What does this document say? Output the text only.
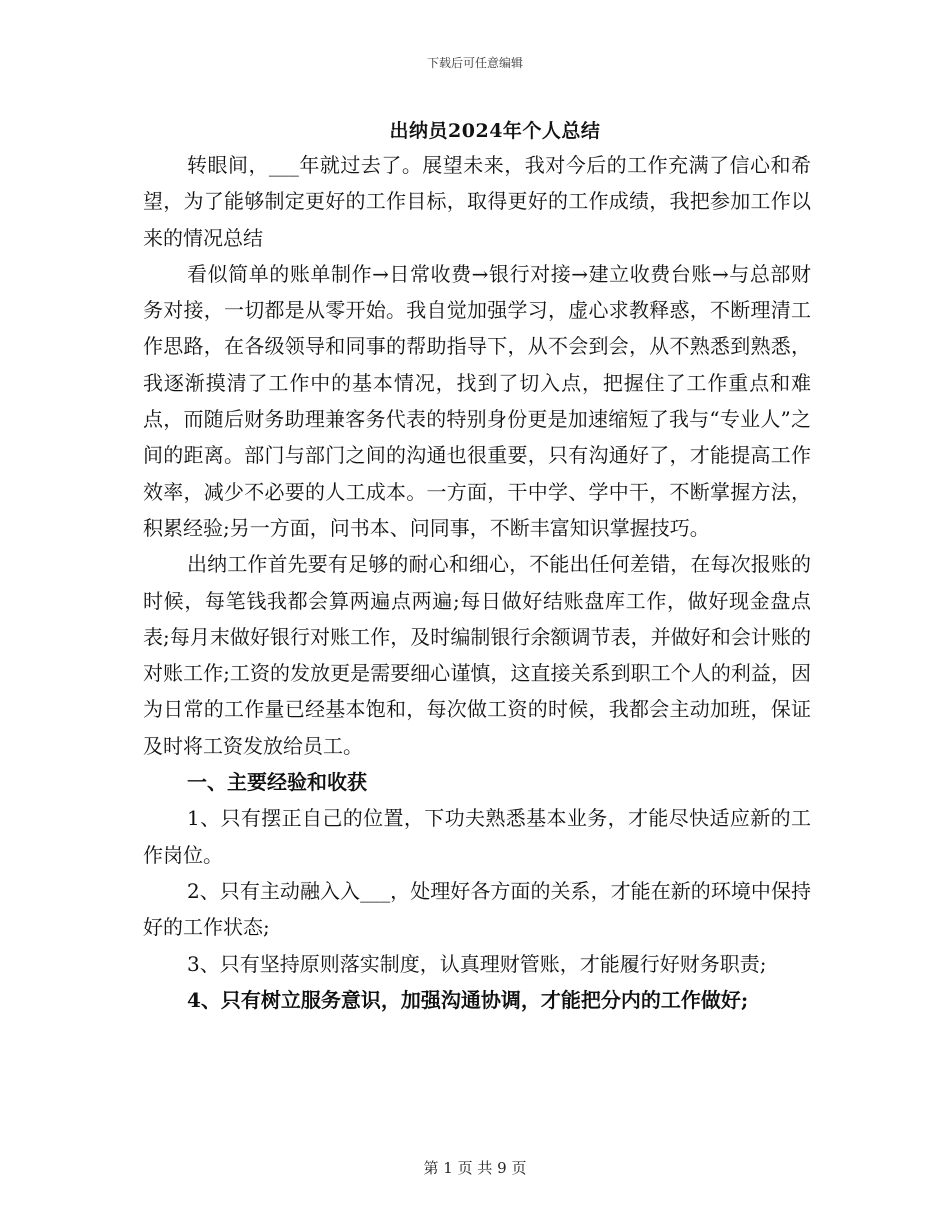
下载后可任意编辑
出纳员2024年个人总结

转眼间，___年就过去了。展望未来，我对今后的工作充满了信心和希望，为了能够制定更好的工作目标，取得更好的工作成绩，我把参加工作以来的情况总结

看似简单的账单制作→日常收费→银行对接→建立收费台账→与总部财务对接，一切都是从零开始。我自觉加强学习，虚心求教释惑，不断理清工作思路，在各级领导和同事的帮助指导下，从不会到会，从不熟悉到熟悉，我逐渐摸清了工作中的基本情况，找到了切入点，把握住了工作重点和难点，而随后财务助理兼客务代表的特别身份更是加速缩短了我与“专业人”之间的距离。部门与部门之间的沟通也很重要，只有沟通好了，才能提高工作效率，减少不必要的人工成本。一方面，干中学、学中干，不断掌握方法，积累经验;另一方面，问书本、问同事，不断丰富知识掌握技巧。

出纳工作首先要有足够的耐心和细心，不能出任何差错，在每次报账的时候，每笔钱我都会算两遍点两遍;每日做好结账盘库工作，做好现金盘点表;每月末做好银行对账工作，及时编制银行余额调节表，并做好和会计账的对账工作;工资的发放更是需要细心谨慎，这直接关系到职工个人的利益，因为日常的工作量已经基本饱和，每次做工资的时候，我都会主动加班，保证及时将工资发放给员工。

一、主要经验和收获

1、只有摆正自己的位置，下功夫熟悉基本业务，才能尽快适应新的工作岗位。

2、只有主动融入入___，处理好各方面的关系，才能在新的环境中保持好的工作状态;

3、只有坚持原则落实制度，认真理财管账，才能履行好财务职责;

4、只有树立服务意识，加强沟通协调，才能把分内的工作做好;

第 1 页 共 9 页
